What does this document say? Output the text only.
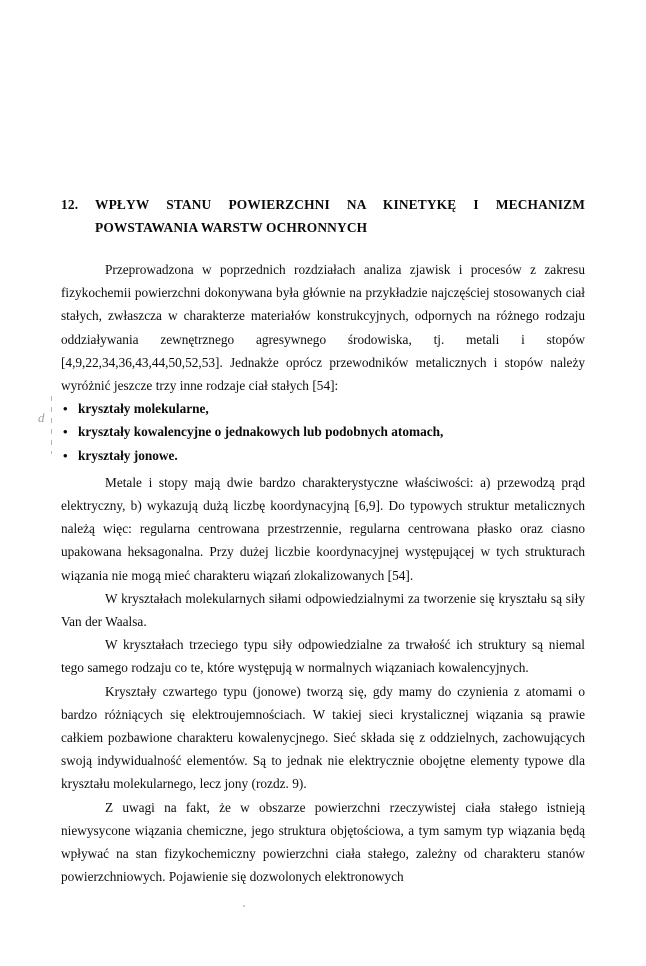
12. WPŁYW STANU POWIERZCHNI NA KINETYKĘ I MECHANIZM
POWSTAWANIA WARSTW OCHRONNYCH

Przeprowadzona w poprzednich rozdziałach analiza zjawisk i procesów z zakresu fizykochemii powierzchni dokonywana była głównie na przykładzie najczęściej stosowanych ciał stałych, zwłaszcza w charakterze materiałów konstrukcyjnych, odpornych na różnego rodzaju oddziaływania zewnętrznego agresywnego środowiska, tj. metali i stopów [4,9,22,34,36,43,44,50,52,53]. Jednakże oprócz przewodników metalicznych i stopów należy wyróżnić jeszcze trzy inne rodzaje ciał stałych [54]:

• kryształy molekularne,
• kryształy kowalencyjne o jednakowych lub podobnych atomach,
• kryształy jonowe.

Metale i stopy mają dwie bardzo charakterystyczne właściwości: a) przewodzą prąd elektryczny, b) wykazują dużą liczbę koordynacyjną [6,9]. Do typowych struktur metalicznych należą więc: regularna centrowana przestrzennie, regularna centrowana płasko oraz ciasno upakowana heksagonalna. Przy dużej liczbie koordynacyjnej występującej w tych strukturach wiązania nie mogą mieć charakteru wiązań zlokalizowanych [54].

W kryształach molekularnych siłami odpowiedzialnymi za tworzenie się kryształu są siły Van der Waalsa.

W kryształach trzeciego typu siły odpowiedzialne za trwałość ich struktury są niemal tego samego rodzaju co te, które występują w normalnych wiązaniach kowalencyjnych.

Kryształy czwartego typu (jonowe) tworzą się, gdy mamy do czynienia z atomami o bardzo różniących się elektroujemnościach. W takiej sieci krystalicznej wiązania są prawie całkiem pozbawione charakteru kowalenycjnego. Sieć składa się z oddzielnych, zachowujących swoją indywidualność elementów. Są to jednak nie elektrycznie obojętne elementy typowe dla kryształu molekularnego, lecz jony (rozdz. 9).

Z uwagi na fakt, że w obszarze powierzchni rzeczywistej ciała stałego istnieją niewysycone wiązania chemiczne, jego struktura objętościowa, a tym samym typ wiązania będą wpływać na stan fizykochemiczny powierzchni ciała stałego, zależny od charakteru stanów powierzchniowych. Pojawienie się dozwolonych elektronowych

d
